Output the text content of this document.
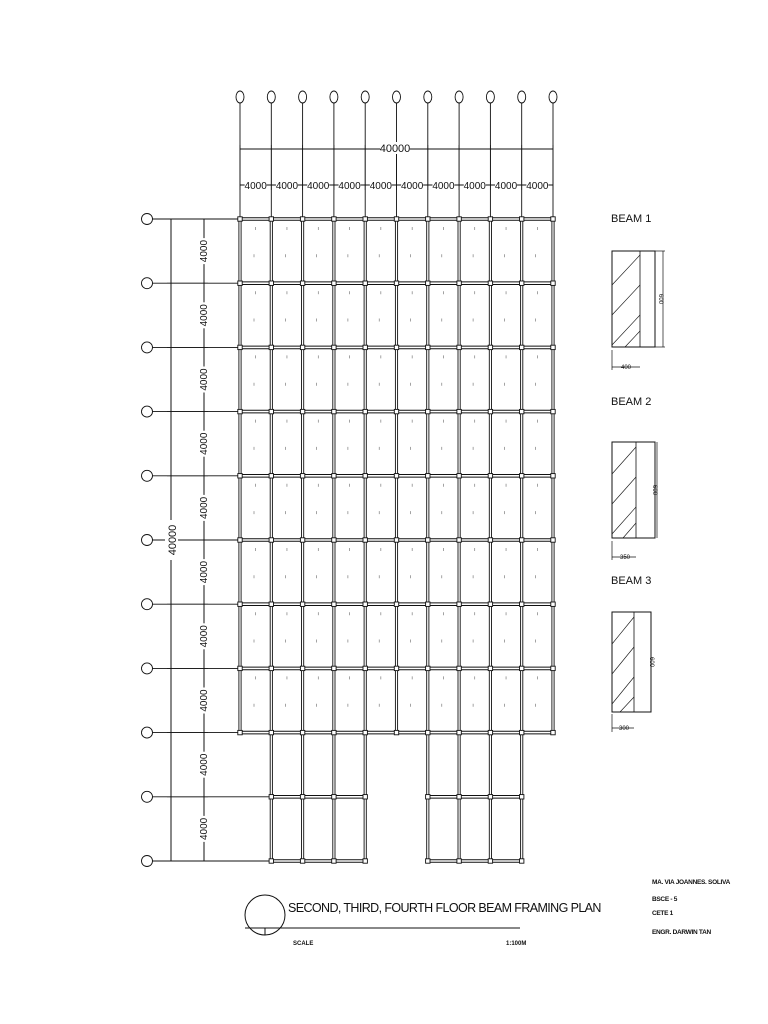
40000
40000
4000 4000 4000 4000 4000 4000 4000 4000 4000 4000
4000
4000
4000
4000
4000
4000
4000
4000
4000
4000
BEAM 1
600
400
BEAM 2
600
350
BEAM 3
600
300
SECOND, THIRD, FOURTH FLOOR BEAM FRAMING PLAN
SCALE	1:100M
MA. VIA JOANNES. SOLIVA
BSCE - 5
CETE 1
ENGR. DARWIN TAN
